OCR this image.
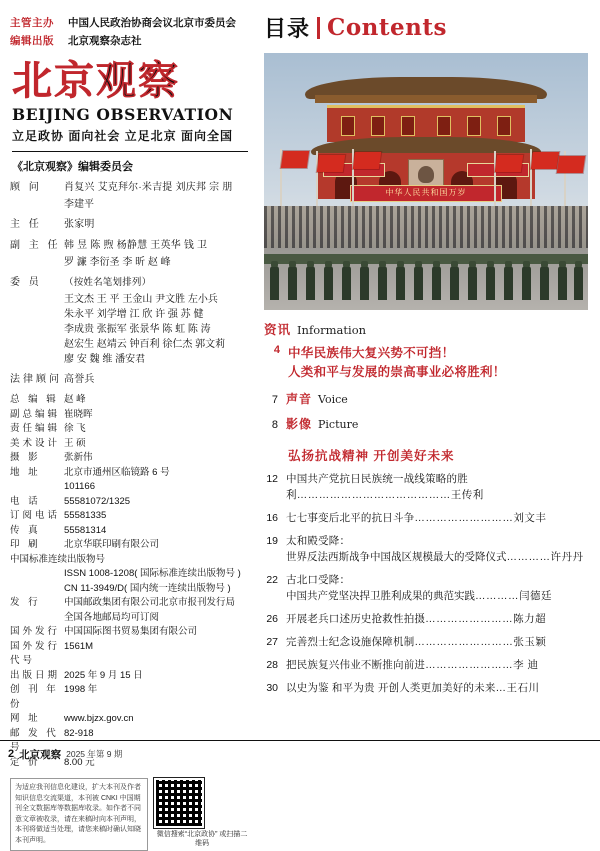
主管主办	中国人民政治协商会议北京市委员会
编辑出版	北京观察杂志社
北京观察
BEIJING OBSERVATION
立足政协 面向社会 立足北京 面向全国
《北京观察》编辑委员会
顾 问	肖复兴 艾克拜尔·米吉提 刘庆邦 宗 朋
李建平
主 任	张家明
副 主 任 韩 昱 陈 煦 杨静慧 王英华 钱 卫
罗 濂 李衍圣 李 昕 赵 峰
委 员	（按姓名笔划排列）
王文杰 王 平 王金山 尹文胜 左小兵
朱永平 刘学增 江 欣 许 强 苏 健
李成贵 张振军 张景华 陈 虹 陈 涛
赵宏生 赵靖云 钟百利 徐仁杰 郭文莉
廖 安 魏 维 潘安君
法律顾问 高誉兵
总 编 辑 赵 峰
副总编辑 崔晓晖
责任编辑 徐 飞
美术设计 王 硕
摄 影	张新伟
地 址	北京市通州区临镜路 6 号
101166
电 话	55581072/1325
订阅电话 55581335
传 真	55581314
印 刷	北京华联印刷有限公司
中国标准连续出版物号
ISSN 1008-1208( 国际标准连续出版物号 )
CN 11-3949/D( 国内统一连续出版物号 )
发 行	中国邮政集团有限公司北京市报刊发行局
全国各地邮局均可订阅
国外发行 中国国际图书贸易集团有限公司
国外发行代号
1561M
出版日期 2025 年 9 月 15 日
创 刊 年 份
1998 年
网 址	www.bjzx.gov.cn
邮 发 代 号
82-918
定 价	8.00 元
为适应我刊信息化建设，扩大本刊及作者知识信息交流渠道，本刊被 CNKI 中国期刊全文数据库等数据库收录。如作者不同意文章被收录，请在来稿时向本刊声明，本刊将做适当处理，请您来稿时确认知晓本刊声明。
微信搜索“北京政协” 或扫描二维码
目录 Contents
中华人民共和国万岁
资讯 Information
4 中华民族伟大复兴势不可挡！
人类和平与发展的崇高事业必将胜利！
7 声音 Voice
8 影像 Picture
弘扬抗战精神 开创美好未来
12 中国共产党抗日民族统一战线策略的胜利……………………………………王传利
16 七七事变后北平的抗日斗争………………………刘文丰
19 太和殿受降：
世界反法西斯战争中国战区规模最大的受降仪式…………许丹丹
22 古北口受降：
中国共产党坚决捍卫胜利成果的典范实践…………闫德廷
26 开展老兵口述历史抢救性拍摄……………………陈力超
27 完善烈士纪念设施保障机制………………………张玉颖
28 把民族复兴伟业不断推向前进……………………李 迪
30 以史为鉴 和平为贵 开创人类更加美好的未来…王石川
2 北京观察 2025 年第 9 期
